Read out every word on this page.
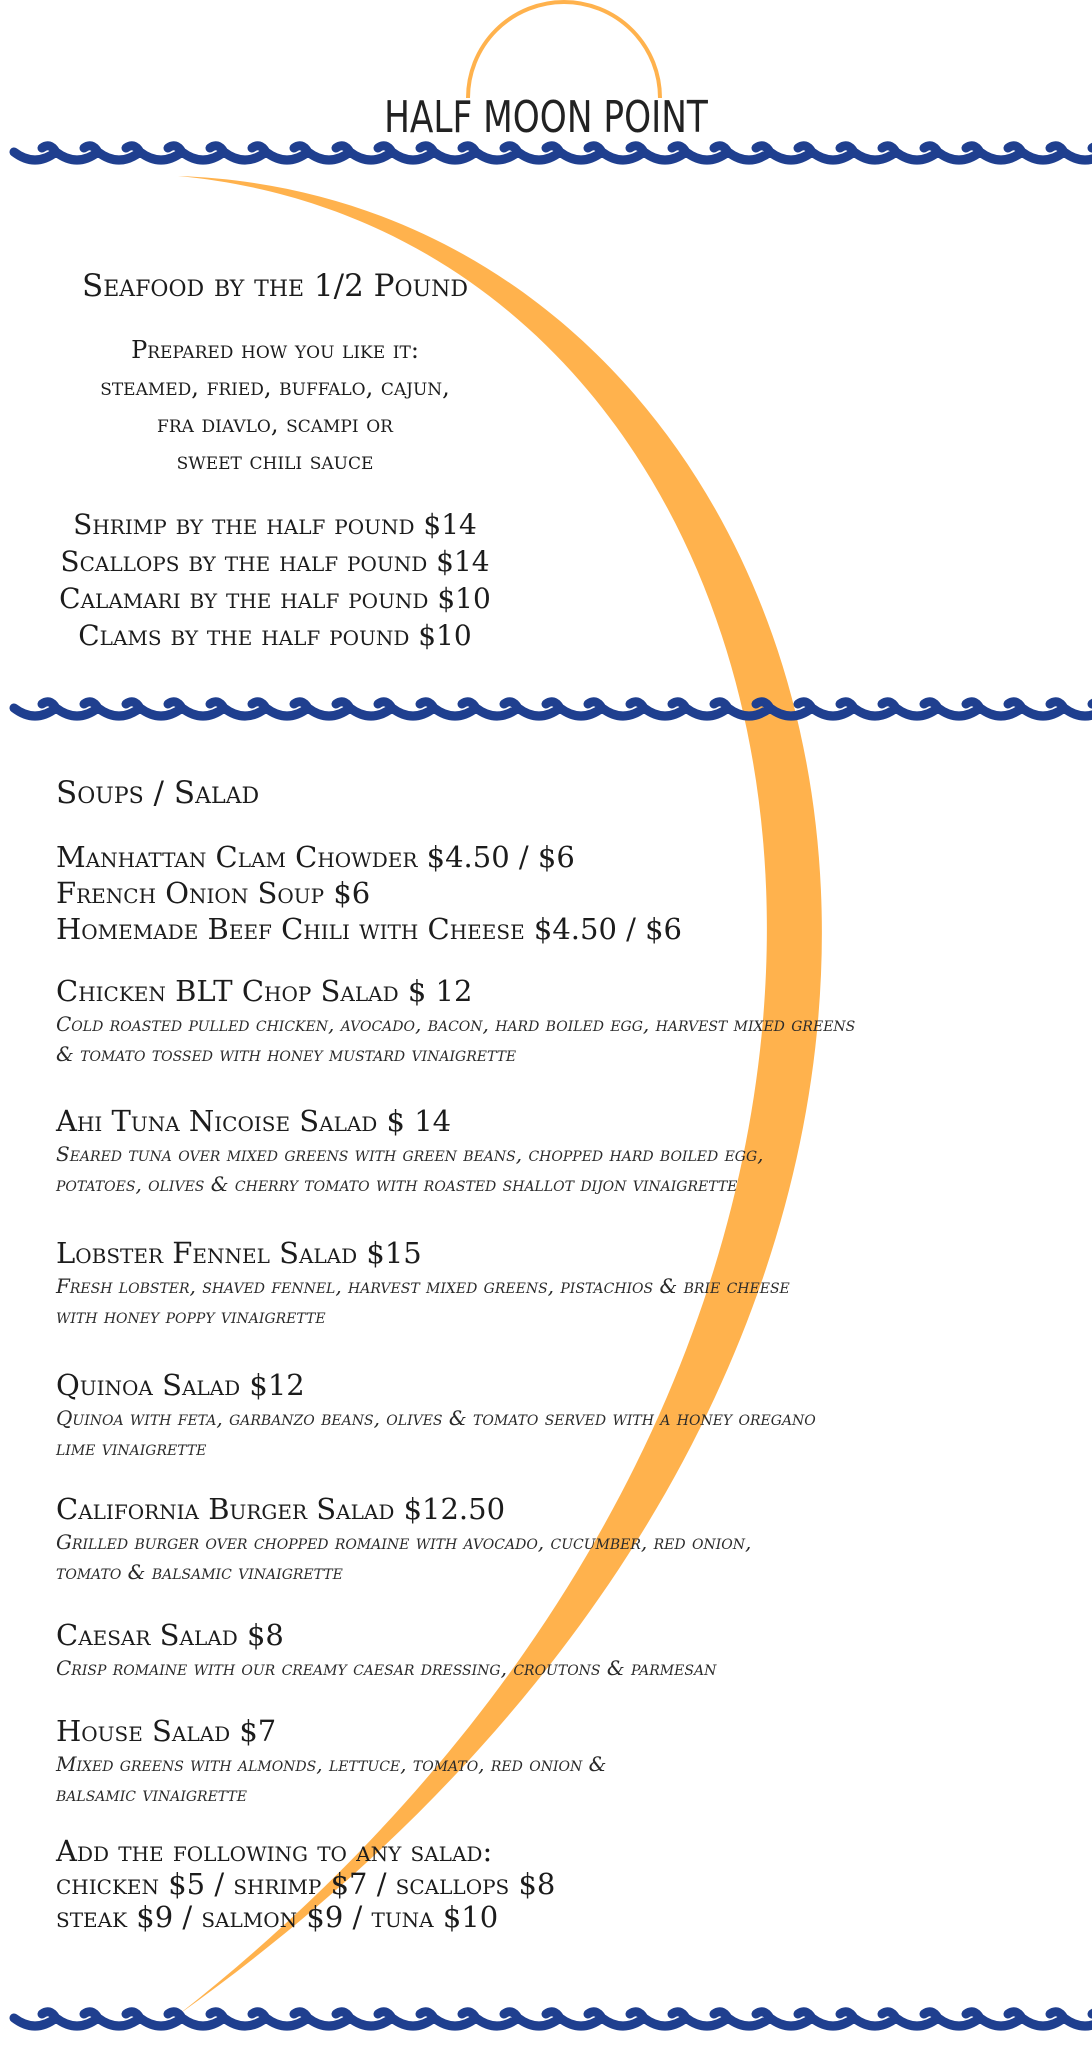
HALF MOON POINT
Seafood by the 1/2 Pound
Prepared how you like it:
steamed, fried, buffalo, cajun,
fra diavlo, scampi or
sweet chili sauce
Shrimp by the half pound $14
Scallops by the half pound $14
Calamari by the half pound $10
Clams by the half pound $10
Soups / Salad
Manhattan Clam Chowder $4.50 / $6
French Onion Soup $6
Homemade Beef Chili with Cheese $4.50 / $6
Chicken BLT Chop Salad $ 12
Cold roasted pulled chicken, avocado, bacon, hard boiled egg, harvest mixed greens
& tomato tossed with honey mustard vinaigrette
Ahi Tuna Nicoise Salad $ 14
Seared tuna over mixed greens with green beans, chopped hard boiled egg,
potatoes, olives & cherry tomato with roasted shallot dijon vinaigrette
Lobster Fennel Salad $15
Fresh lobster, shaved fennel, harvest mixed greens, pistachios & brie cheese
with honey poppy vinaigrette
Quinoa Salad $12
Quinoa with feta, garbanzo beans, olives & tomato served with a honey oregano
lime vinaigrette
California Burger Salad $12.50
Grilled burger over chopped romaine with avocado, cucumber, red onion,
tomato & balsamic vinaigrette
Caesar Salad $8
Crisp romaine with our creamy caesar dressing, croutons & parmesan
House Salad $7
Mixed greens with almonds, lettuce, tomato, red onion &
balsamic vinaigrette
Add the following to any salad:
chicken $5 / shrimp $7 / scallops $8
steak $9 / salmon $9 / tuna $10
